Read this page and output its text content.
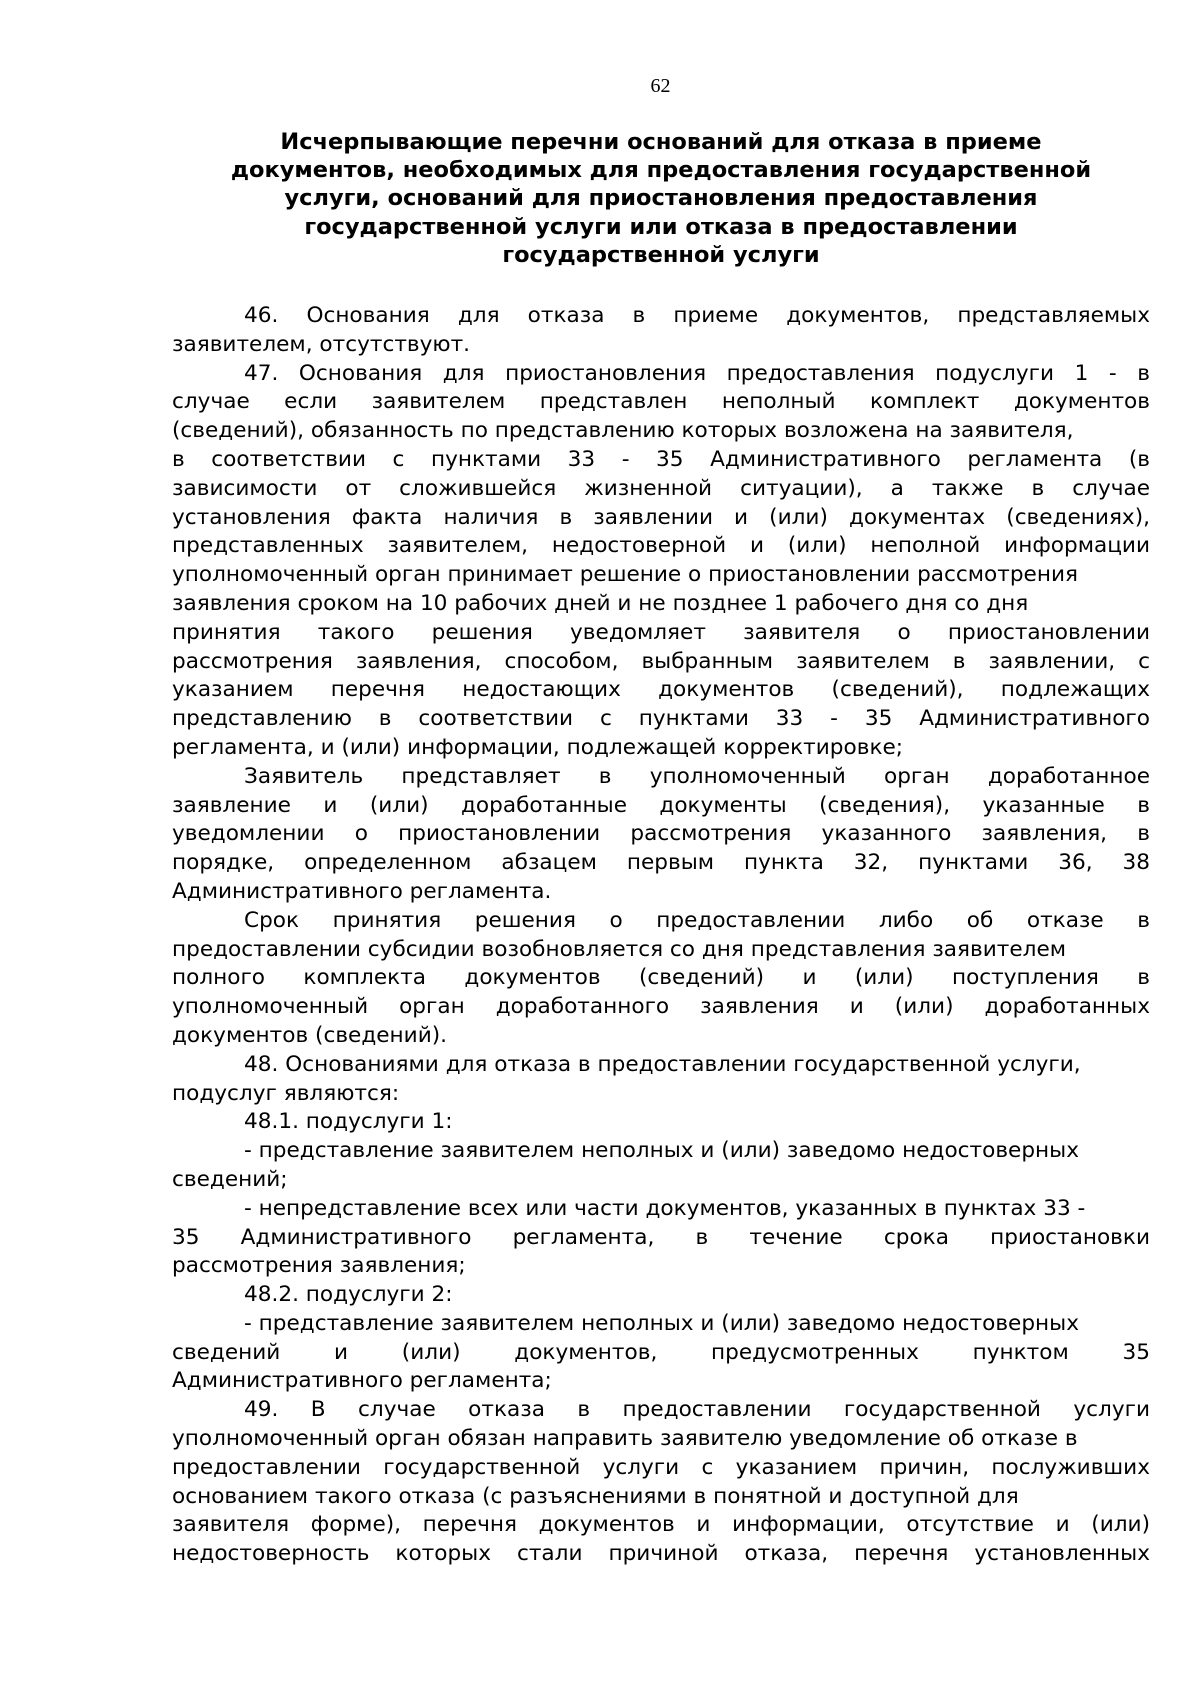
62
Исчерпывающие перечни оснований для отказа в приеме
документов, необходимых для предоставления государственной
услуги, оснований для приостановления предоставления
государственной услуги или отказа в предоставлении
государственной услуги
46. Основания для отказа в приеме документов, представляемых
заявителем, отсутствуют.
47. Основания для приостановления предоставления подуслуги 1 - в
случае если заявителем представлен неполный комплект документов
(сведений), обязанность по представлению которых возложена на заявителя,
в соответствии с пунктами 33 - 35 Административного регламента (в
зависимости от сложившейся жизненной ситуации), а также в случае
установления факта наличия в заявлении и (или) документах (сведениях),
представленных заявителем, недостоверной и (или) неполной информации
уполномоченный орган принимает решение о приостановлении рассмотрения
заявления сроком на 10 рабочих дней и не позднее 1 рабочего дня со дня
принятия такого решения уведомляет заявителя о приостановлении
рассмотрения заявления, способом, выбранным заявителем в заявлении, с
указанием перечня недостающих документов (сведений), подлежащих
представлению в соответствии с пунктами 33 - 35 Административного
регламента, и (или) информации, подлежащей корректировке;
Заявитель представляет в уполномоченный орган доработанное
заявление и (или) доработанные документы (сведения), указанные в
уведомлении о приостановлении рассмотрения указанного заявления, в
порядке, определенном абзацем первым пункта 32, пунктами 36, 38
Административного регламента.
Срок принятия решения о предоставлении либо об отказе в
предоставлении субсидии возобновляется со дня представления заявителем
полного комплекта документов (сведений) и (или) поступления в
уполномоченный орган доработанного заявления и (или) доработанных
документов (сведений).
48. Основаниями для отказа в предоставлении государственной услуги,
подуслуг являются:
48.1. подуслуги 1:
- представление заявителем неполных и (или) заведомо недостоверных
сведений;
- непредставление всех или части документов, указанных в пунктах 33 -
35 Административного регламента, в течение срока приостановки
рассмотрения заявления;
48.2. подуслуги 2:
- представление заявителем неполных и (или) заведомо недостоверных
сведений и (или) документов, предусмотренных пунктом 35
Административного регламента;
49. В случае отказа в предоставлении государственной услуги
уполномоченный орган обязан направить заявителю уведомление об отказе в
предоставлении государственной услуги с указанием причин, послуживших
основанием такого отказа (с разъяснениями в понятной и доступной для
заявителя форме), перечня документов и информации, отсутствие и (или)
недостоверность которых стали причиной отказа, перечня установленных
